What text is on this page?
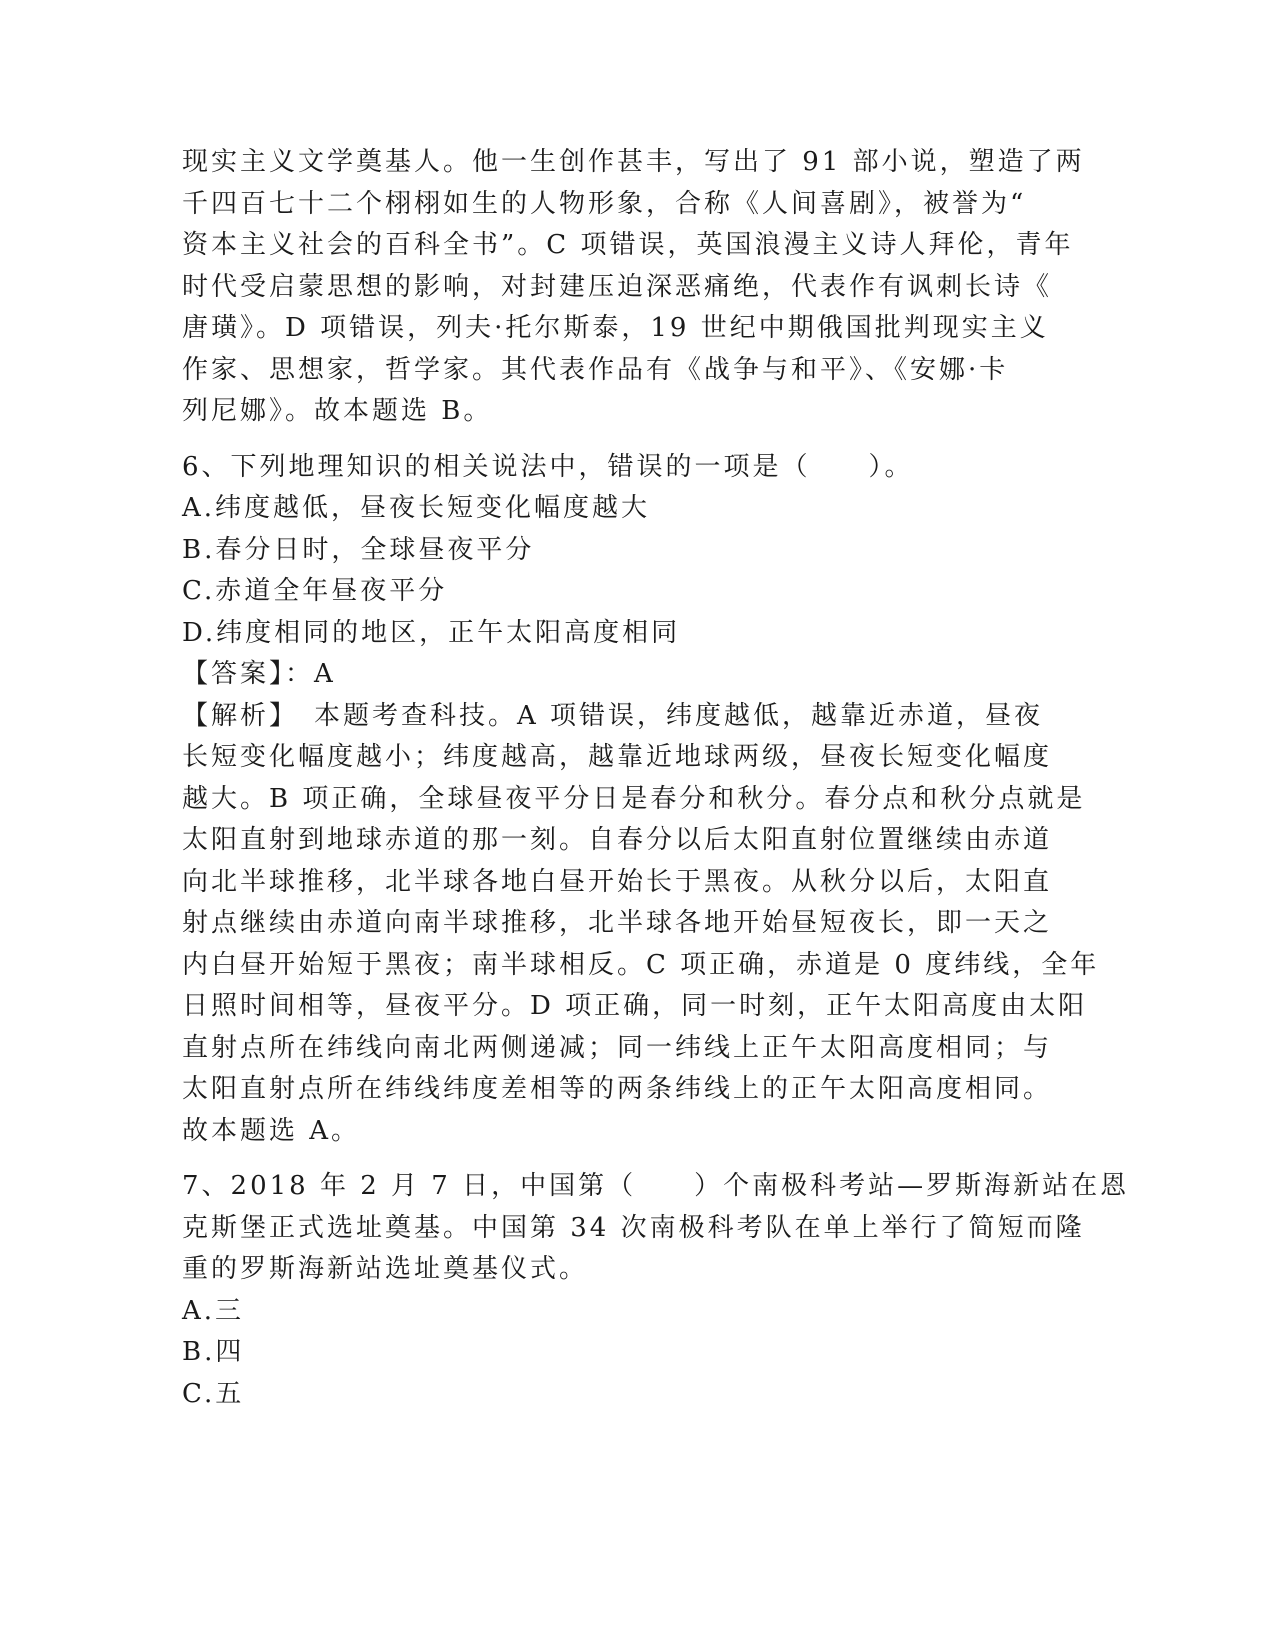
现实主义文学奠基人。他一生创作甚丰，写出了 91 部小说，塑造了两
千四百七十二个栩栩如生的人物形象，合称《人间喜剧》，被誉为“
资本主义社会的百科全书”。C 项错误，英国浪漫主义诗人拜伦，青年
时代受启蒙思想的影响，对封建压迫深恶痛绝，代表作有讽刺长诗《
唐璜》。D 项错误，列夫·托尔斯泰，19 世纪中期俄国批判现实主义
作家、思想家，哲学家。其代表作品有《战争与和平》、《安娜·卡
列尼娜》。故本题选 B。
6、下列地理知识的相关说法中，错误的一项是（　　）。
A.纬度越低，昼夜长短变化幅度越大
B.春分日时，全球昼夜平分
C.赤道全年昼夜平分
D.纬度相同的地区，正午太阳高度相同
【答案】：A
【解析】　本题考查科技。A 项错误，纬度越低，越靠近赤道，昼夜
长短变化幅度越小；纬度越高，越靠近地球两级，昼夜长短变化幅度
越大。B 项正确，全球昼夜平分日是春分和秋分。春分点和秋分点就是
太阳直射到地球赤道的那一刻。自春分以后太阳直射位置继续由赤道
向北半球推移，北半球各地白昼开始长于黑夜。从秋分以后，太阳直
射点继续由赤道向南半球推移，北半球各地开始昼短夜长，即一天之
内白昼开始短于黑夜；南半球相反。C 项正确，赤道是 0 度纬线，全年
日照时间相等，昼夜平分。D 项正确，同一时刻，正午太阳高度由太阳
直射点所在纬线向南北两侧递减；同一纬线上正午太阳高度相同；与
太阳直射点所在纬线纬度差相等的两条纬线上的正午太阳高度相同。
故本题选 A。
7、2018 年 2 月 7 日，中国第（　　）个南极科考站—罗斯海新站在恩
克斯堡正式选址奠基。中国第 34 次南极科考队在单上举行了简短而隆
重的罗斯海新站选址奠基仪式。
A.三
B.四
C.五
